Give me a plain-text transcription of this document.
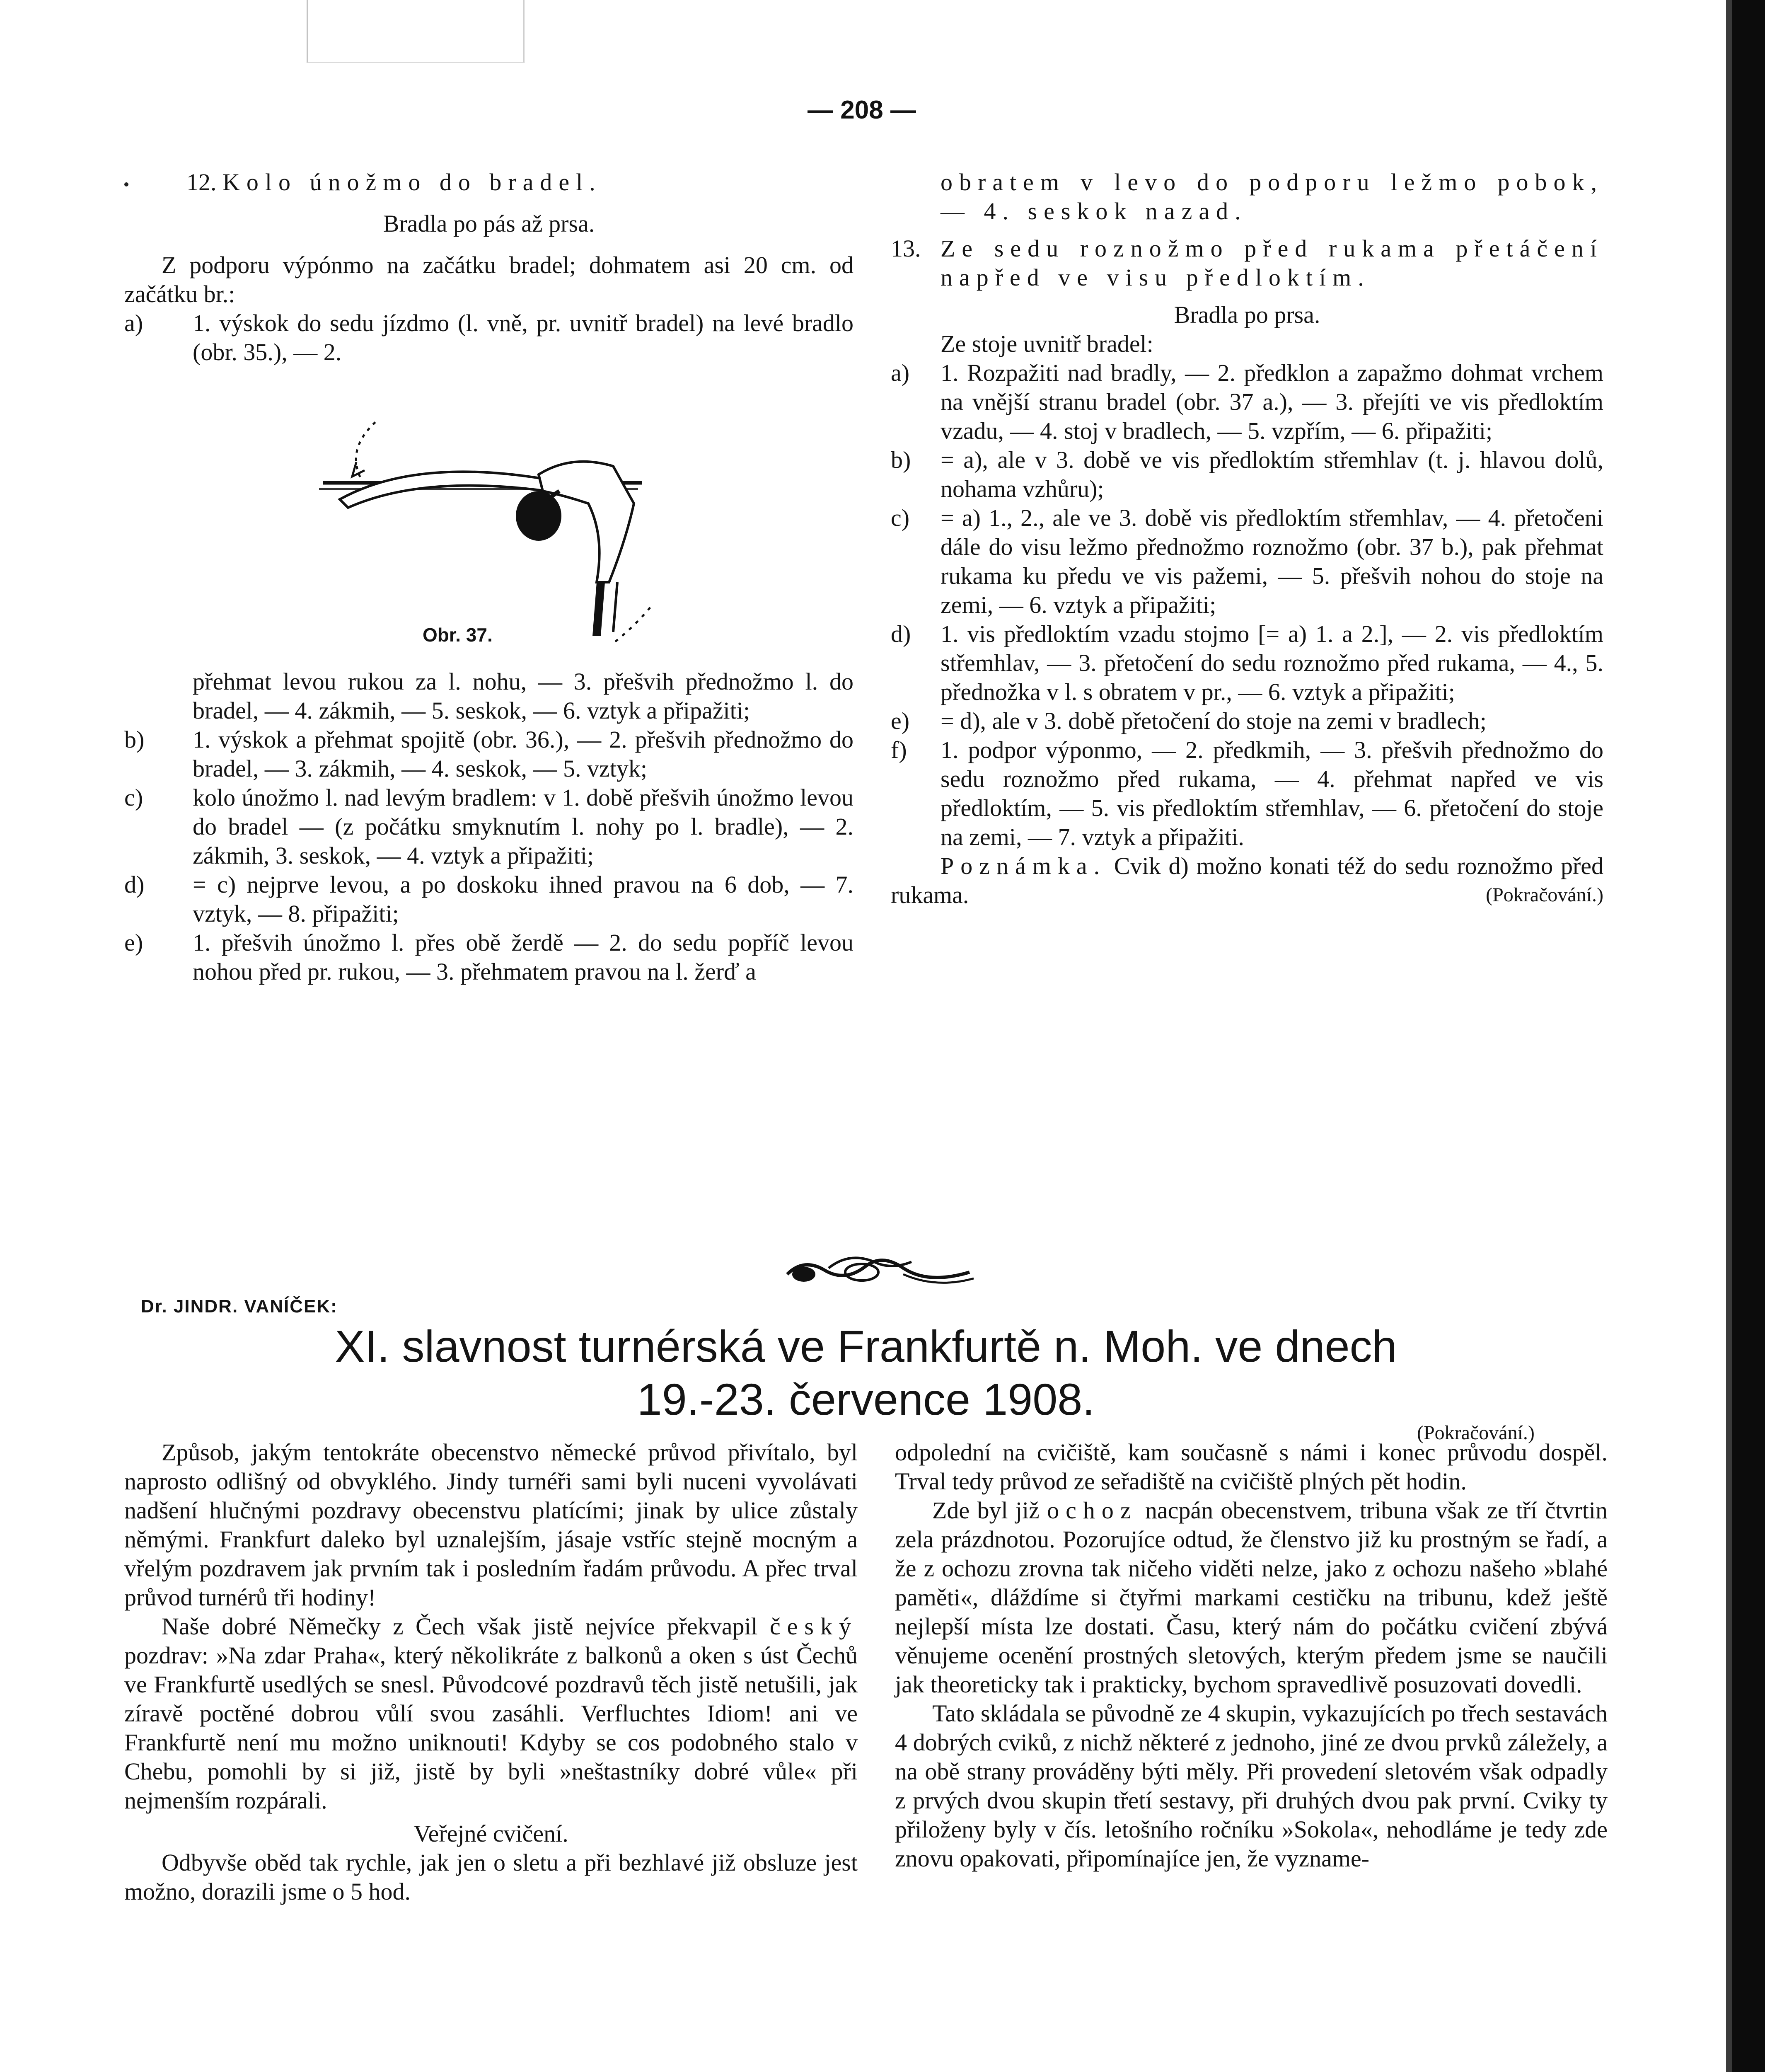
— 208 —

12. Kolo únožmo do bradel.

Bradla po pás až prsa.

Z podporu výpónmo na začátku bradel; dohmatem asi 20 cm. od začátku br.:

a) 1. výskok do sedu jízdmo (l. vně, pr. uvnitř bradel) na levé bradlo (obr. 35.), — 2.

Obr. 37.

přehmat levou rukou za l. nohu, — 3. přešvih přednožmo l. do bradel, — 4. zákmih, — 5. seskok, — 6. vztyk a připažiti;

b) 1. výskok a přehmat spojitě (obr. 36.), — 2. přešvih přednožmo do bradel, — 3. zákmih, — 4. seskok, — 5. vztyk;

c) kolo únožmo l. nad levým bradlem: v 1. době přešvih únožmo levou do bradel — (z počátku smyknutím l. nohy po l. bradle), — 2. zákmih, 3. seskok, — 4. vztyk a připažiti;

d) = c) nejprve levou, a po doskoku ihned pravou na 6 dob, — 7. vztyk, — 8. připažiti;

e) 1. přešvih únožmo l. přes obě žerdě — 2. do sedu popříč levou nohou před pr. rukou, — 3. přehmatem pravou na l. žerď a

obratem v levo do podporu ležmo pobok, — 4. seskok nazad.

13. Ze sedu roznožmo před rukama přetáčení napřed ve visu předloktím.

Bradla po prsa.

Ze stoje uvnitř bradel:

a) 1. Rozpažiti nad bradly, — 2. předklon a zapažmo dohmat vrchem na vnější stranu bradel (obr. 37 a.), — 3. přejíti ve vis předloktím vzadu, — 4. stoj v bradlech, — 5. vzpřím, — 6. připažiti;

b) = a), ale v 3. době ve vis předloktím střemhlav (t. j. hlavou dolů, nohama vzhůru);

c) = a) 1., 2., ale ve 3. době vis předloktím střemhlav, — 4. přetočeni dále do visu ležmo přednožmo roznožmo (obr. 37 b.), pak přehmat rukama ku předu ve vis pažemi, — 5. přešvih nohou do stoje na zemi, — 6. vztyk a připažiti;

d) 1. vis předloktím vzadu stojmo [= a) 1. a 2.], — 2. vis předloktím střemhlav, — 3. přetočení do sedu roznožmo před rukama, — 4., 5. přednožka v l. s obratem v pr., — 6. vztyk a připažiti;

e) = d), ale v 3. době přetočení do stoje na zemi v bradlech;

f) 1. podpor výponmo, — 2. předkmih, — 3. přešvih přednožmo do sedu roznožmo před rukama, — 4. přehmat napřed ve vis předloktím, — 5. vis předloktím střemhlav, — 6. přetočení do stoje na zemi, — 7. vztyk a připažiti.

Poznámka. Cvik d) možno konati též do sedu roznožmo před rukama.	(Pokračování.)

Dr. JINDR. VANÍČEK:
XI. slavnost turnérská ve Frankfurtě n. Moh. ve dnech
19.-23. července 1908.
(Pokračování.)

Způsob, jakým tentokráte obecenstvo německé průvod přivítalo, byl naprosto odlišný od obvyklého. Jindy turnéři sami byli nuceni vyvolávati nadšení hlučnými pozdravy obecenstvu platícími; jinak by ulice zůstaly němými. Frankfurt daleko byl uznalejším, jásaje vstříc stejně mocným a vřelým pozdravem jak prvním tak i posledním řadám průvodu. A přec trval průvod turnérů tři hodiny!

Naše dobré Němečky z Čech však jistě nejvíce překvapil český pozdrav: »Na zdar Praha«, který několikráte z balkonů a oken s úst Čechů ve Frankfurtě usedlých se snesl. Původcové pozdravů těch jistě netušili, jak zíravě poctěné dobrou vůlí svou zasáhli. Verfluchtes Idiom! ani ve Frankfurtě není mu možno uniknouti! Kdyby se cos podobného stalo v Chebu, pomohli by si již, jistě by byli »neštastníky dobré vůle« při nejmenším rozpárali.

Veřejné cvičení.

Odbyvše oběd tak rychle, jak jen o sletu a při bezhlavé již obsluze jest možno, dorazili jsme o 5 hod.

odpolední na cvičiště, kam současně s námi i konec průvodu dospěl. Trval tedy průvod ze seřadiště na cvičiště plných pět hodin.

Zde byl již ochoz nacpán obecenstvem, tribuna však ze tří čtvrtin zela prázdnotou. Pozorujíce odtud, že členstvo již ku prostným se řadí, a že z ochozu zrovna tak ničeho viděti nelze, jako z ochozu našeho »blahé paměti«, dláždíme si čtyřmi markami cestičku na tribunu, kdež ještě nejlepší místa lze dostati. Času, který nám do počátku cvičení zbývá věnujeme ocenění prostných sletových, kterým předem jsme se naučili jak theoreticky tak i prakticky, bychom spravedlivě posuzovati dovedli.

Tato skládala se původně ze 4 skupin, vykazujících po třech sestavách 4 dobrých cviků, z nichž některé z jednoho, jiné ze dvou prvků záležely, a na obě strany prováděny býti měly. Při provedení sletovém však odpadly z prvých dvou skupin třetí sestavy, při druhých dvou pak první. Cviky ty přiloženy byly v čís. letošního ročníku »Sokola«, nehodláme je tedy zde znovu opakovati, připomínajíce jen, že vyzname-
